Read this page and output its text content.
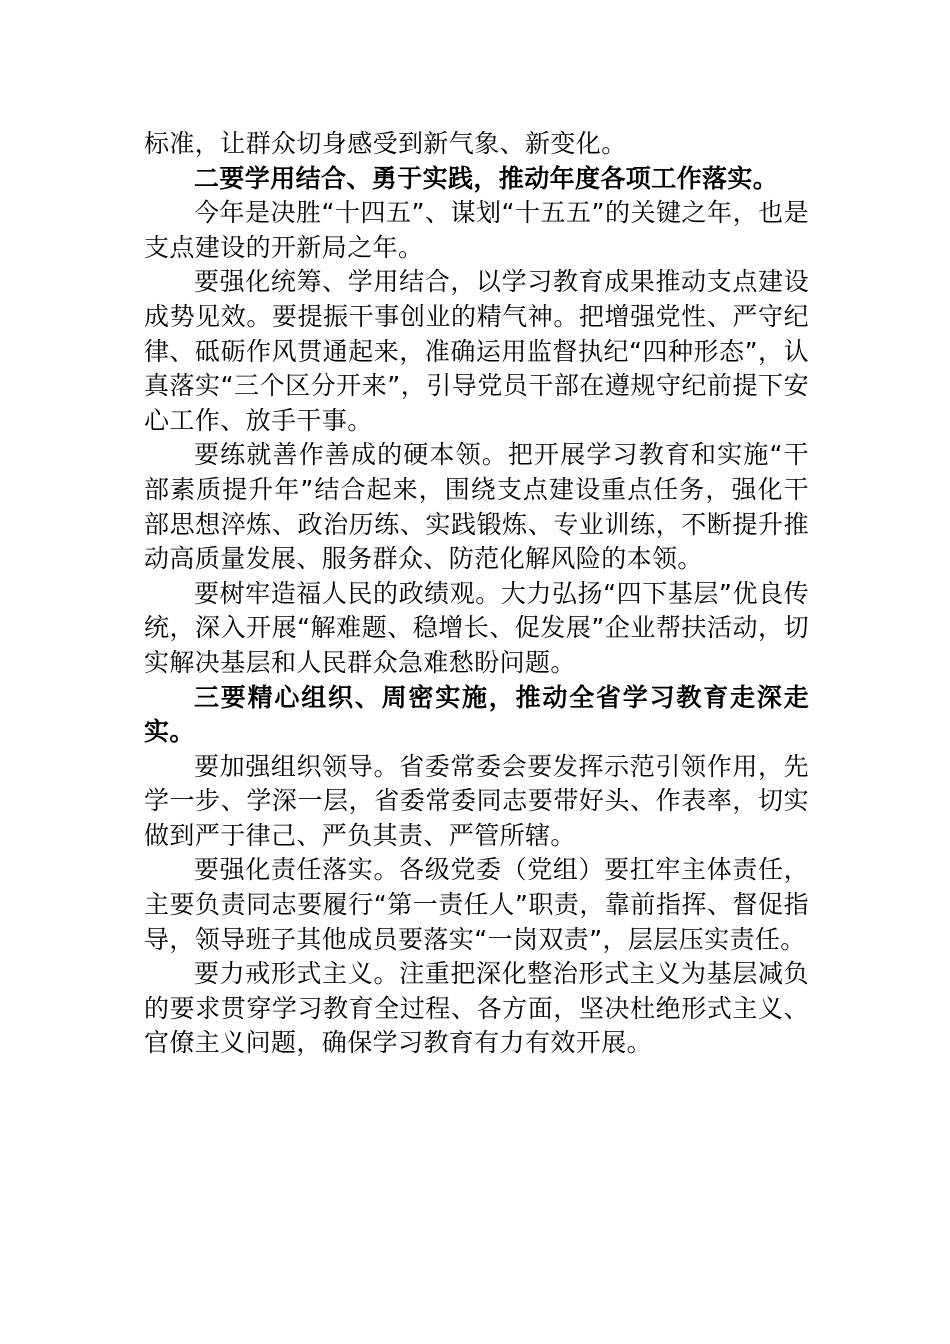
标准，让群众切身感受到新气象、新变化。

二要学用结合、勇于实践，推动年度各项工作落实。

今年是决胜“十四五”、谋划“十五五”的关键之年，也是支点建设的开新局之年。

要强化统筹、学用结合，以学习教育成果推动支点建设成势见效。要提振干事创业的精气神。把增强党性、严守纪律、砥砺作风贯通起来，准确运用监督执纪“四种形态”，认真落实“三个区分开来”，引导党员干部在遵规守纪前提下安心工作、放手干事。

要练就善作善成的硬本领。把开展学习教育和实施“干部素质提升年”结合起来，围绕支点建设重点任务，强化干部思想淬炼、政治历练、实践锻炼、专业训练，不断提升推动高质量发展、服务群众、防范化解风险的本领。

要树牢造福人民的政绩观。大力弘扬“四下基层”优良传统，深入开展“解难题、稳增长、促发展”企业帮扶活动，切实解决基层和人民群众急难愁盼问题。

三要精心组织、周密实施，推动全省学习教育走深走实。

要加强组织领导。省委常委会要发挥示范引领作用，先学一步、学深一层，省委常委同志要带好头、作表率，切实做到严于律己、严负其责、严管所辖。

要强化责任落实。各级党委（党组）要扛牢主体责任，主要负责同志要履行“第一责任人”职责，靠前指挥、督促指导，领导班子其他成员要落实“一岗双责”，层层压实责任。

要力戒形式主义。注重把深化整治形式主义为基层减负的要求贯穿学习教育全过程、各方面，坚决杜绝形式主义、官僚主义问题，确保学习教育有力有效开展。
